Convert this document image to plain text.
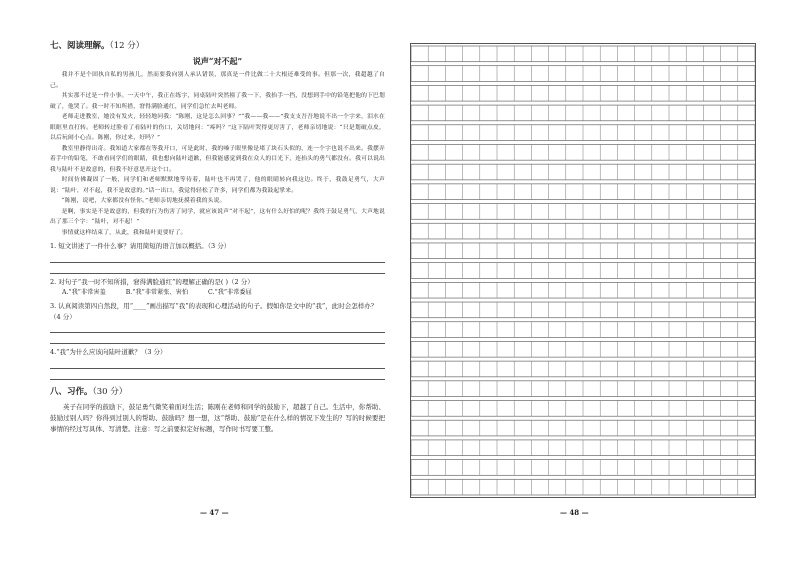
七、阅读理解。（12 分）
说声“对不起”

我并不是个固执自私的男孩儿，然而要我向别人承认错误，那真是一件比做二十大根还难受的事。但那一次，我超越了自己。

其实那不过是一件小事。一天中午，我正在练字，同桌陆叶突然撞了我一下，我抬手一挡，没想到手中的铅笔把他的下巴划破了，他哭了。我一时不知所措，窘得满脸通红，同学们急忙去叫老师。

老师走进教室，她没有发火，轻轻地问我：“陈刚，这是怎么回事？”“我——我——”我支支吾吾地说不出一个字来，泪水在眼眶里直打转。老师转过脸看了看陆叶的伤口，关切地问：“疼吗？”这下陆叶哭得更厉害了，老师亲切地说：“只是划破点皮，以后玩闹小心点。陈刚，你过来，好吗？”

教室里静得出奇。我知道大家都在等我开口，可是此时，我的嗓子眼里像是堵了块石头似的，连一个字也说不出来。我摆弄着手中的铅笔，不敢看同学们的眼睛，我也想向陆叶道歉，但我能感觉到我在众人的目光下，连抬头的勇气都没有。我可以说出我与陆叶不是故意的，但我不好意思开这个口。

时间仿佛凝固了一般，同学们和老师默默地等待着，陆叶也不再哭了，他的眼睛转向我这边。终于，我鼓足勇气，大声说：“陆叶，对不起，我不是故意的。”话一出口，我觉得轻松了许多，同学们都为我鼓起掌来。

“陈刚，说吧，大家都没有怪你。”老师亲切地抚摸着我的头说。

是啊，事实是不是故意的，但我的行为伤害了同学，就应该说声“对不起”，这有什么好怕的呢？我终于鼓足勇气，大声地说出了那三个字：“陆叶，对不起！”

事情就这样结束了，从此，我和陆叶更要好了。

1. 短文讲述了一件什么事？请用简短的语言加以概括。（3 分）

2. 对句子“我一时不知所措，窘得满脸通红”的理解正确的是( )（2 分）

A.“我”非常害羞	B.“我”非常紧张、害怕	C.“我”非常委屈

3. 认真阅读第四自然段，用“____”画出描写“我”的表现和心理活动的句子。假如你是文中的“我”，此时会怎样办？（4 分）

4.“我”为什么应该向陆叶道歉？（3 分）

八、习作。（30 分）

英子在同学的鼓励下，鼓足勇气微笑着面对生活；陈刚在老师和同学的鼓励下，超越了自己。生活中，你帮助、鼓励过别人吗？你得到过别人的帮助、鼓励吗？想一想，这“帮助、鼓励”是在什么样的情况下发生的？写的时候要把事情的经过写具体、写清楚。注意：写之前要拟定好标题，写作时书写要工整。

— 47 —	— 48 —
